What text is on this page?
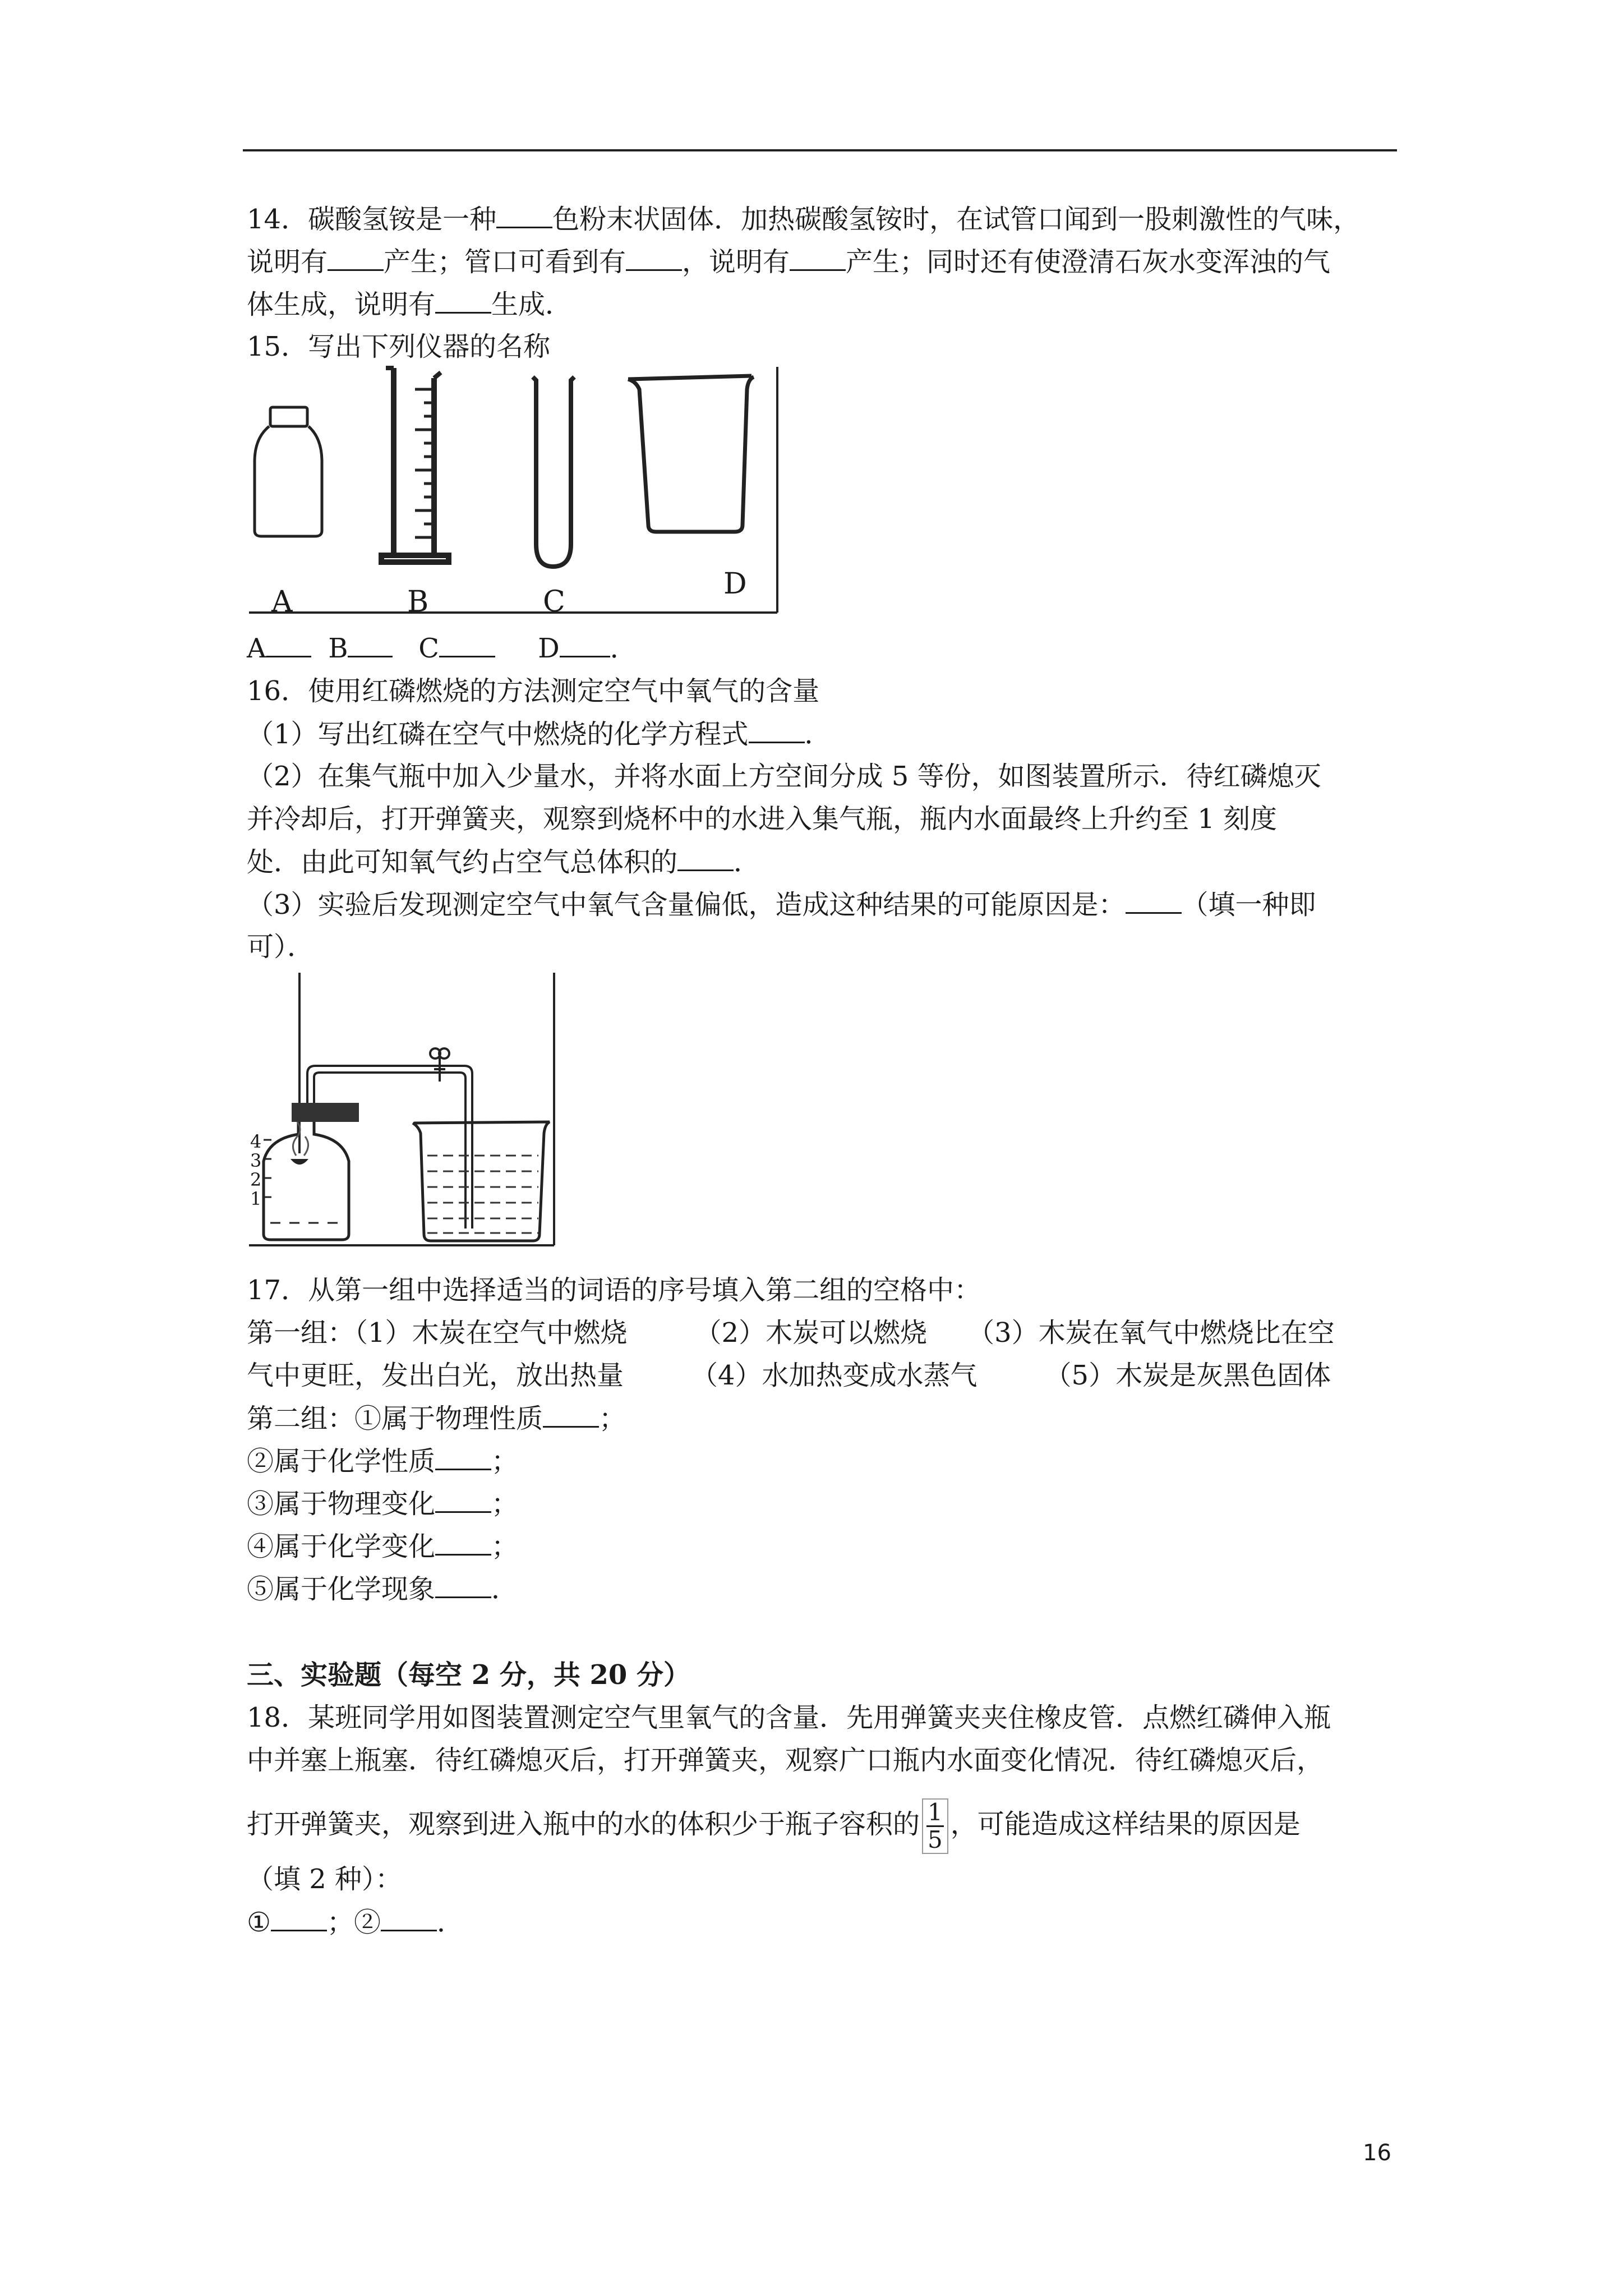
14．碳酸氢铵是一种 色粉末状固体．加热碳酸氢铵时，在试管口闻到一股刺激性的气味，
说明有 产生；管口可看到有 ，说明有 产生；同时还有使澄清石灰水变浑浊的气
体生成，说明有 生成．
15．写出下列仪器的名称
A	B	C
D
A B	C	D ．
16．使用红磷燃烧的方法测定空气中氧气的含量
（1）写出红磷在空气中燃烧的化学方程式 ．
（2）在集气瓶中加入少量水，并将水面上方空间分成 5 等份，如图装置所示．待红磷熄灭
并冷却后，打开弹簧夹，观察到烧杯中的水进入集气瓶，瓶内水面最终上升约至 1 刻度
处．由此可知氧气约占空气总体积的 ．
（3）实验后发现测定空气中氧气含量偏低，造成这种结果的可能原因是： （填一种即
可）．
4
3
2
1
17．从第一组中选择适当的词语的序号填入第二组的空格中：
第一组：（1）木炭在空气中燃烧　　　（2）木炭可以燃烧　　（3）木炭在氧气中燃烧比在空
气中更旺，发出白光，放出热量　　　（4）水加热变成水蒸气　　　（5）木炭是灰黑色固体
第二组：①属于物理性质 ；
②属于化学性质 ；
③属于物理变化 ；
④属于化学变化 ；
⑤属于化学现象 ．
三、实验题（每空 2 分，共 20 分）
18．某班同学用如图装置测定空气里氧气的含量．先用弹簧夹夹住橡皮管．点燃红磷伸入瓶
中并塞上瓶塞．待红磷熄灭后，打开弹簧夹，观察广口瓶内水面变化情况．待红磷熄灭后，
打开弹簧夹，观察到进入瓶中的水的体积少于瓶子容积的 $\frac{1}{5}$ ，可能造成这样结果的原因是
（填 2 种）：
① ；② ．
16
